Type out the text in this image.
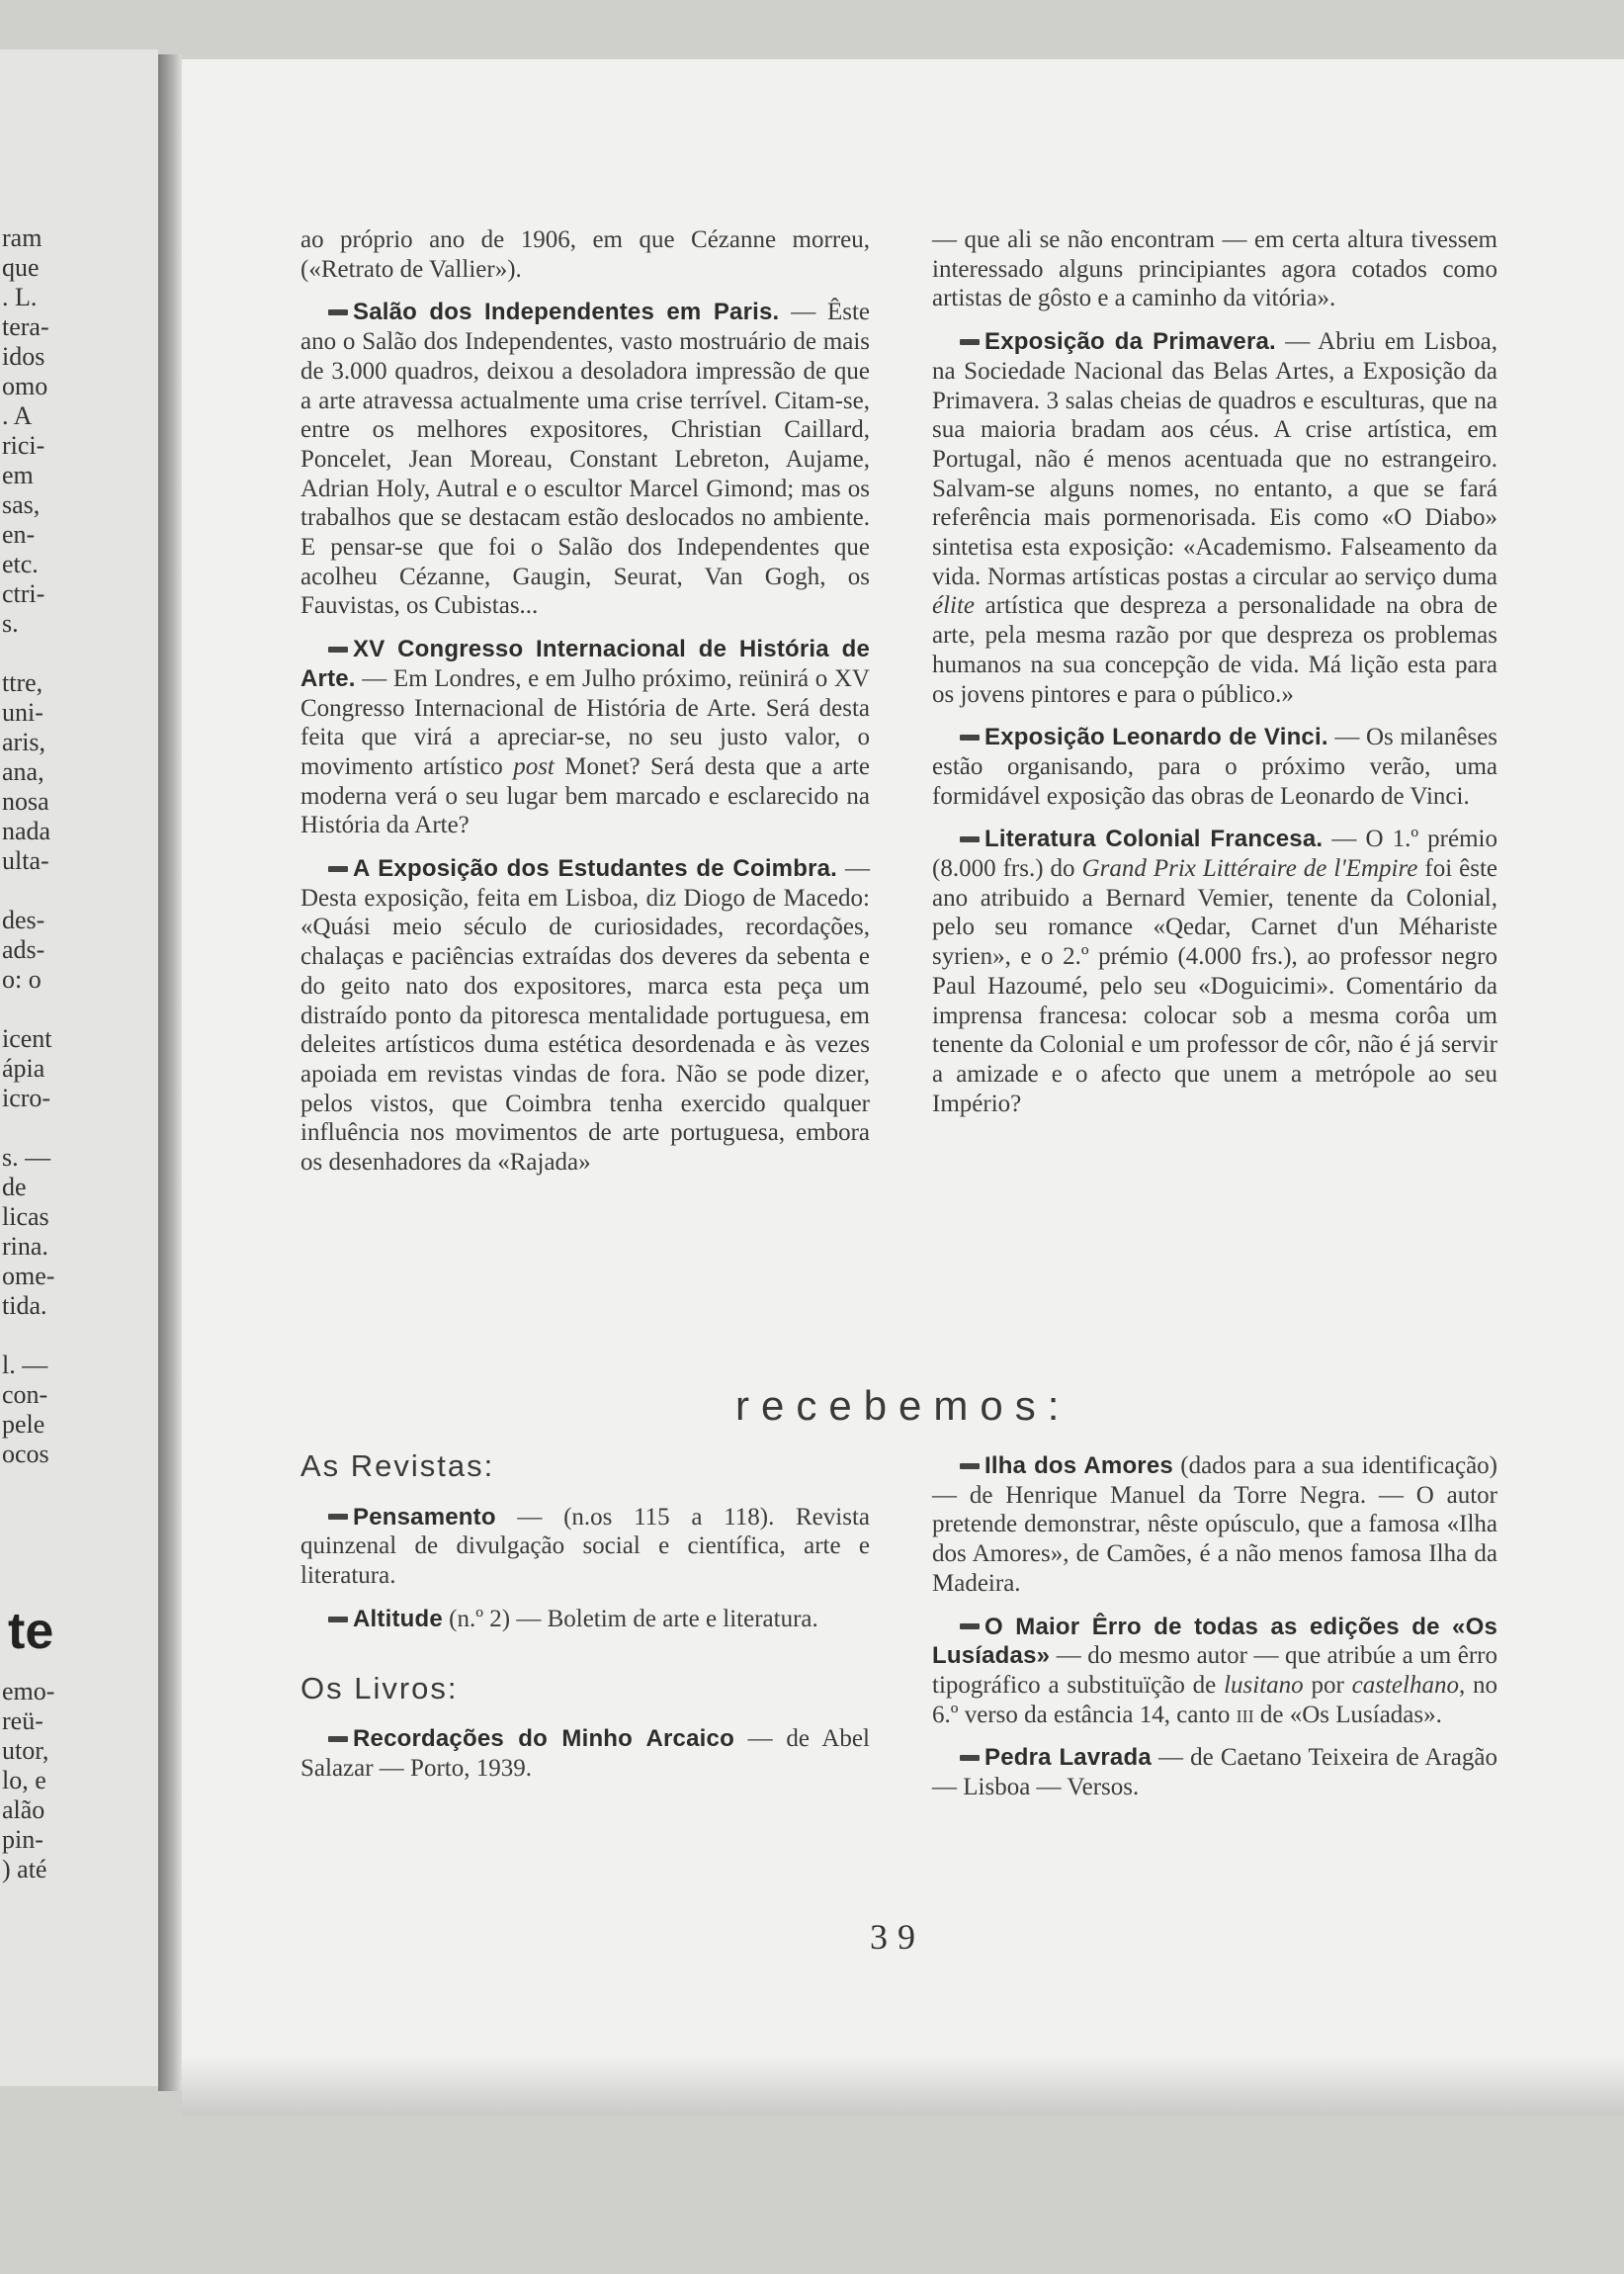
ram
que
. L.
tera-
idos
omo
. A
rici-
em
sas,
en-
etc.
ctri-
s.
ttre,
uni-
aris,
ana,
nosa
nada
ulta-
des-
ads-
o: o
icent
ápia
icro-
s. —
de
licas
rina.
ome-
tida.
l. —
con-
pele
ocos
te
emo-
reü-
utor,
lo, e
alão
pin-
) até

ao próprio ano de 1906, em que Cézanne morreu, («Retrato de Vallier»).

Salão dos Independentes em Paris. — Êste ano o Salão dos Independentes, vasto mostruário de mais de 3.000 quadros, deixou a desoladora impressão de que a arte atravessa actualmente uma crise terrível. Citam-se, entre os melhores expositores, Christian Caillard, Poncelet, Jean Moreau, Constant Lebreton, Aujame, Adrian Holy, Autral e o escultor Marcel Gimond; mas os trabalhos que se destacam estão deslocados no ambiente. E pensar-se que foi o Salão dos Independentes que acolheu Cézanne, Gaugin, Seurat, Van Gogh, os Fauvistas, os Cubistas...

XV Congresso Internacional de História de Arte. — Em Londres, e em Julho próximo, reünirá o XV Congresso Internacional de História de Arte. Será desta feita que virá a apreciar-se, no seu justo valor, o movimento artístico post Monet? Será desta que a arte moderna verá o seu lugar bem marcado e esclarecido na História da Arte?

A Exposição dos Estudantes de Coimbra. — Desta exposição, feita em Lisboa, diz Diogo de Macedo: «Quási meio século de curiosidades, recordações, chalaças e paciências extraídas dos deveres da sebenta e do geito nato dos expositores, marca esta peça um distraído ponto da pitoresca mentalidade portuguesa, em deleites artísticos duma estética desordenada e às vezes apoiada em revistas vindas de fora. Não se pode dizer, pelos vistos, que Coimbra tenha exercido qualquer influência nos movimentos de arte portuguesa, embora os desenhadores da «Rajada»

— que ali se não encontram — em certa altura tivessem interessado alguns principiantes agora cotados como artistas de gôsto e a caminho da vitória».

Exposição da Primavera. — Abriu em Lisboa, na Sociedade Nacional das Belas Artes, a Exposição da Primavera. 3 salas cheias de quadros e esculturas, que na sua maioria bradam aos céus. A crise artística, em Portugal, não é menos acentuada que no estrangeiro. Salvam-se alguns nomes, no entanto, a que se fará referência mais pormenorisada. Eis como «O Diabo» sintetisa esta exposição: «Academismo. Falseamento da vida. Normas artísticas postas a circular ao serviço duma élite artística que despreza a personalidade na obra de arte, pela mesma razão por que despreza os problemas humanos na sua concepção de vida. Má lição esta para os jovens pintores e para o público.»

Exposição Leonardo de Vinci. — Os milanêses estão organisando, para o próximo verão, uma formidável exposição das obras de Leonardo de Vinci.

Literatura Colonial Francesa. — O 1.º prémio (8.000 frs.) do Grand Prix Littéraire de l'Empire foi êste ano atribuido a Bernard Vemier, tenente da Colonial, pelo seu romance «Qedar, Carnet d'un Méhariste syrien», e o 2.º prémio (4.000 frs.), ao professor negro Paul Hazoumé, pelo seu «Doguicimi». Comentário da imprensa francesa: colocar sob a mesma corôa um tenente da Colonial e um professor de côr, não é já servir a amizade e o afecto que unem a metrópole ao seu Império?

recebemos:
As Revistas:

Pensamento — (n.os 115 a 118). Revista quinzenal de divulgação social e científica, arte e literatura.

Altitude (n.º 2) — Boletim de arte e literatura.

Os Livros:

Recordações do Minho Arcaico — de Abel Salazar — Porto, 1939.

Ilha dos Amores (dados para a sua identificação) — de Henrique Manuel da Torre Negra. — O autor pretende demonstrar, nêste opúsculo, que a famosa «Ilha dos Amores», de Camões, é a não menos famosa Ilha da Madeira.

O Maior Êrro de todas as edições de «Os Lusíadas» — do mesmo autor — que atribúe a um êrro tipográfico a substituïção de lusitano por castelhano, no 6.º verso da estância 14, canto iii de «Os Lusíadas».

Pedra Lavrada — de Caetano Teixeira de Aragão — Lisboa — Versos.

39
